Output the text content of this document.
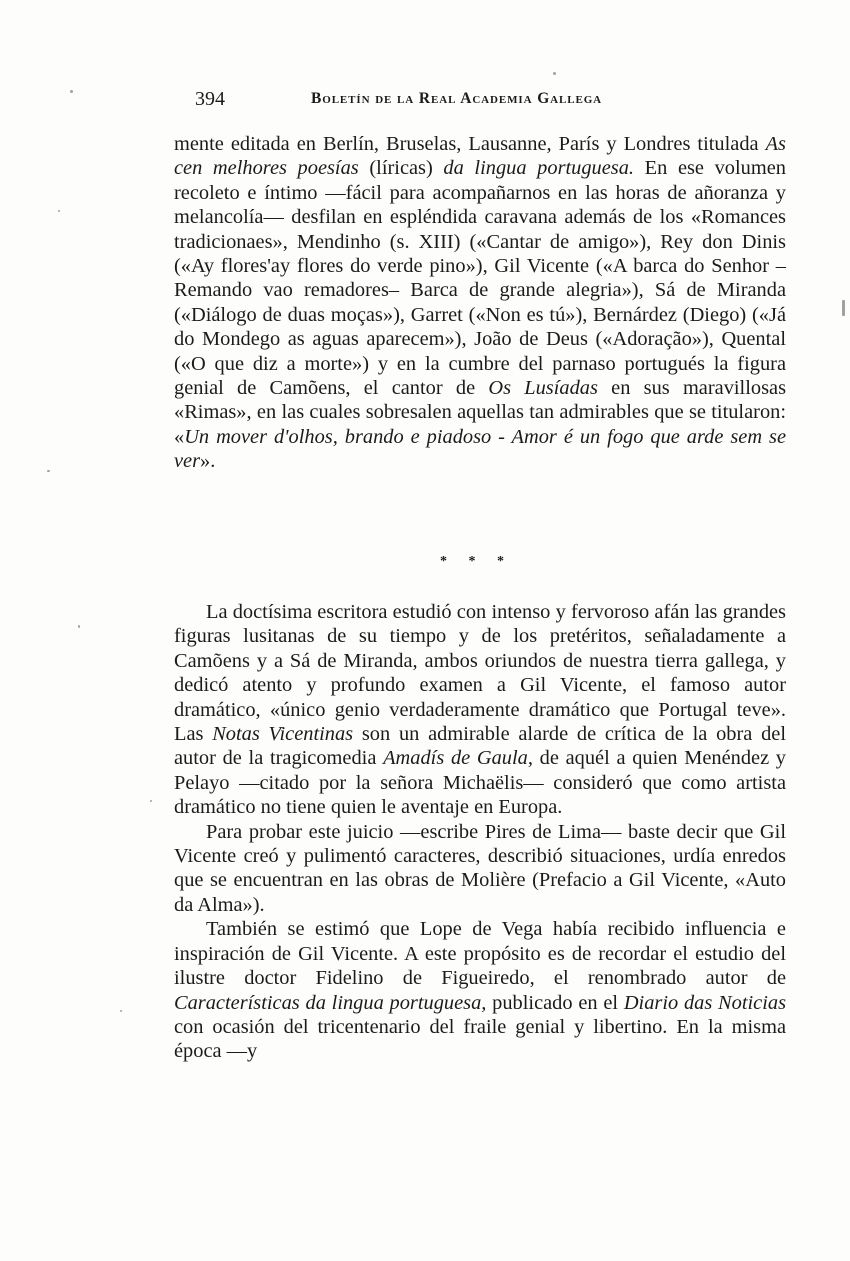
394	Boletín de la Real Academia Gallega

mente editada en Berlín, Bruselas, Lausanne, París y Londres titulada As cen melhores poesías (líricas) da lingua portuguesa. En ese volumen recoleto e íntimo —fácil para acompañarnos en las horas de añoranza y melancolía— desfilan en espléndida caravana además de los «Romances tradicionaes», Mendinho (s. XIII) («Cantar de amigo»), Rey don Dinis («Ay flores'ay flores do verde pino»), Gil Vicente («A barca do Senhor – Remando vao remadores– Barca de grande alegria»), Sá de Miranda («Diálogo de duas moças»), Garret («Non es tú»), Bernárdez (Diego) («Já do Mondego as aguas aparecem»), João de Deus («Adoração»), Quental («O que diz a morte») y en la cumbre del parnaso portugués la figura genial de Camõens, el cantor de Os Lusíadas en sus maravillosas «Rimas», en las cuales sobresalen aquellas tan admirables que se titularon: «Un mover d'olhos, brando e piadoso - Amor é un fogo que arde sem se ver».

* * *

La doctísima escritora estudió con intenso y fervoroso afán las grandes figuras lusitanas de su tiempo y de los pretéritos, señaladamente a Camõens y a Sá de Miranda, ambos oriundos de nuestra tierra gallega, y dedicó atento y profundo examen a Gil Vicente, el famoso autor dramático, «único genio verdaderamente dramático que Portugal teve». Las Notas Vicentinas son un admirable alarde de crítica de la obra del autor de la tragicomedia Amadís de Gaula, de aquél a quien Menéndez y Pelayo —citado por la señora Michaëlis— consideró que como artista dramático no tiene quien le aventaje en Europa.

Para probar este juicio —escribe Pires de Lima— baste decir que Gil Vicente creó y pulimentó caracteres, describió situaciones, urdía enredos que se encuentran en las obras de Molière (Prefacio a Gil Vicente, «Auto da Alma»).

También se estimó que Lope de Vega había recibido influencia e inspiración de Gil Vicente. A este propósito es de recordar el estudio del ilustre doctor Fidelino de Figueiredo, el renombrado autor de Características da lingua portuguesa, publicado en el Diario das Noticias con ocasión del tricentenario del fraile genial y libertino. En la misma época —y
